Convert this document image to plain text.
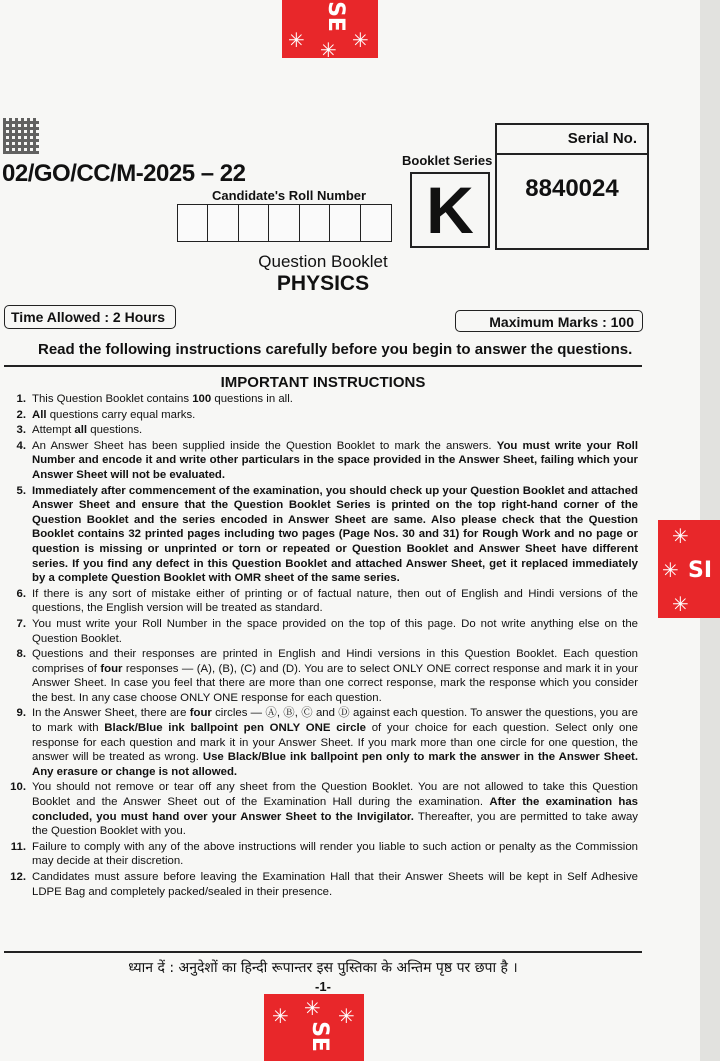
✳ ✳
✳
SE
02/GO/CC/M-2025 – 22
Serial No.
8840024
Booklet Series
K
Candidate's Roll Number
Question Booklet
PHYSICS
Time Allowed : 2 Hours	Maximum Marks : 100
Read the following instructions carefully before you begin to answer the questions.
IMPORTANT INSTRUCTIONS
1. This Question Booklet contains 100 questions in all.
2. All questions carry equal marks.
3. Attempt all questions.
4. An Answer Sheet has been supplied inside the Question Booklet to mark the answers. You must write your Roll Number and encode it and write other particulars in the space provided in the Answer Sheet, failing which your Answer Sheet will not be evaluated.
5. Immediately after commencement of the examination, you should check up your Question Booklet and attached Answer Sheet and ensure that the Question Booklet Series is printed on the top right-hand corner of the Question Booklet and the series encoded in Answer Sheet are same. Also please check that the Question Booklet contains 32 printed pages including two pages (Page Nos. 30 and 31) for Rough Work and no page or question is missing or unprinted or torn or repeated or Question Booklet and Answer Sheet have different series. If you find any defect in this Question Booklet and attached Answer Sheet, get it replaced immediately by a complete Question Booklet with OMR sheet of the same series.
6. If there is any sort of mistake either of printing or of factual nature, then out of English and Hindi versions of the questions, the English version will be treated as standard.
7. You must write your Roll Number in the space provided on the top of this page. Do not write anything else on the Question Booklet.
8. Questions and their responses are printed in English and Hindi versions in this Question Booklet. Each question comprises of four responses — (A), (B), (C) and (D). You are to select ONLY ONE correct response and mark it in your Answer Sheet. In case you feel that there are more than one correct response, mark the response which you consider the best. In any case choose ONLY ONE response for each question.
9. In the Answer Sheet, there are four circles — Ⓐ, Ⓑ, Ⓒ and Ⓓ against each question. To answer the questions, you are to mark with Black/Blue ink ballpoint pen ONLY ONE circle of your choice for each question. Select only one response for each question and mark it in your Answer Sheet. If you mark more than one circle for one question, the answer will be treated as wrong. Use Black/Blue ink ballpoint pen only to mark the answer in the Answer Sheet. Any erasure or change is not allowed.
10. You should not remove or tear off any sheet from the Question Booklet. You are not allowed to take this Question Booklet and the Answer Sheet out of the Examination Hall during the examination. After the examination has concluded, you must hand over your Answer Sheet to the Invigilator. Thereafter, you are permitted to take away the Question Booklet with you.
11. Failure to comply with any of the above instructions will render you liable to such action or penalty as the Commission may decide at their discretion.
12. Candidates must assure before leaving the Examination Hall that their Answer Sheets will be kept in Self Adhesive LDPE Bag and completely packed/sealed in their presence.
ध्यान दें : अनुदेशों का हिन्दी रूपान्तर इस पुस्तिका के अन्तिम पृष्ठ पर छपा है ।
-1-
✳ ✳
✳
SE
✳
✳
✳
SI
